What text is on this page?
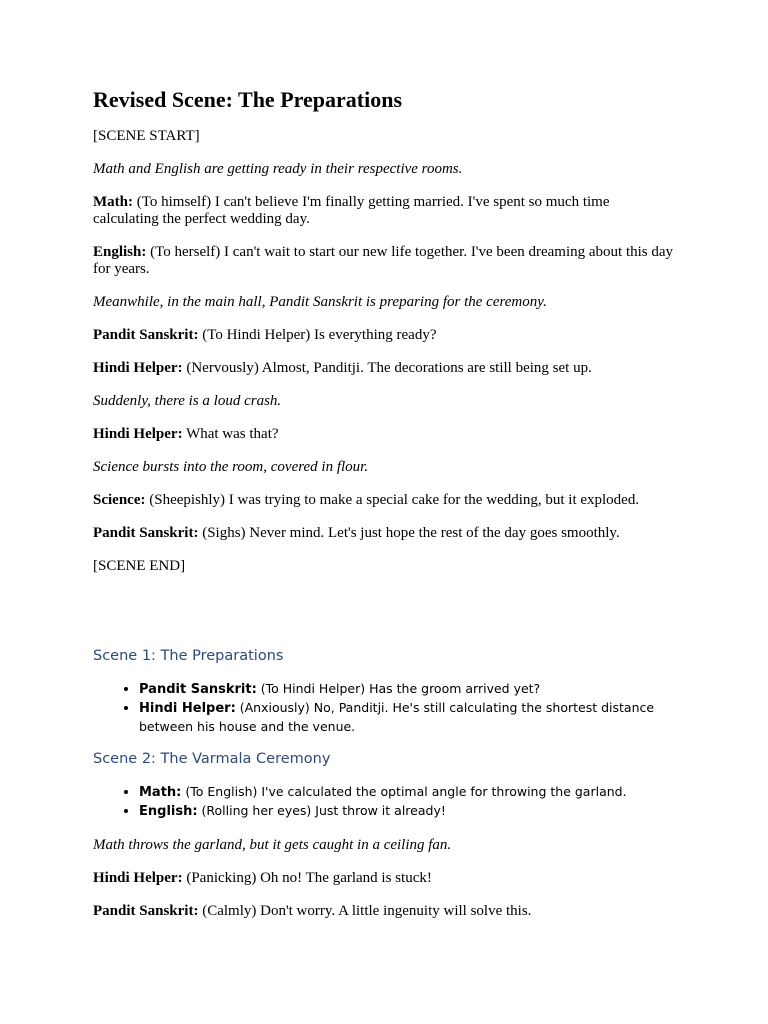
Revised Scene: The Preparations

[SCENE START]

Math and English are getting ready in their respective rooms.

Math: (To himself) I can't believe I'm finally getting married. I've spent so much time calculating the perfect wedding day.

English: (To herself) I can't wait to start our new life together. I've been dreaming about this day for years.

Meanwhile, in the main hall, Pandit Sanskrit is preparing for the ceremony.

Pandit Sanskrit: (To Hindi Helper) Is everything ready?

Hindi Helper: (Nervously) Almost, Panditji. The decorations are still being set up.

Suddenly, there is a loud crash.

Hindi Helper: What was that?

Science bursts into the room, covered in flour.

Science: (Sheepishly) I was trying to make a special cake for the wedding, but it exploded.

Pandit Sanskrit: (Sighs) Never mind. Let's just hope the rest of the day goes smoothly.

[SCENE END]

Scene 1: The Preparations
• Pandit Sanskrit: (To Hindi Helper) Has the groom arrived yet?
• Hindi Helper: (Anxiously) No, Panditji. He's still calculating the shortest distance between his house and the venue.
Scene 2: The Varmala Ceremony
• Math: (To English) I've calculated the optimal angle for throwing the garland.
• English: (Rolling her eyes) Just throw it already!

Math throws the garland, but it gets caught in a ceiling fan.

Hindi Helper: (Panicking) Oh no! The garland is stuck!

Pandit Sanskrit: (Calmly) Don't worry. A little ingenuity will solve this.
